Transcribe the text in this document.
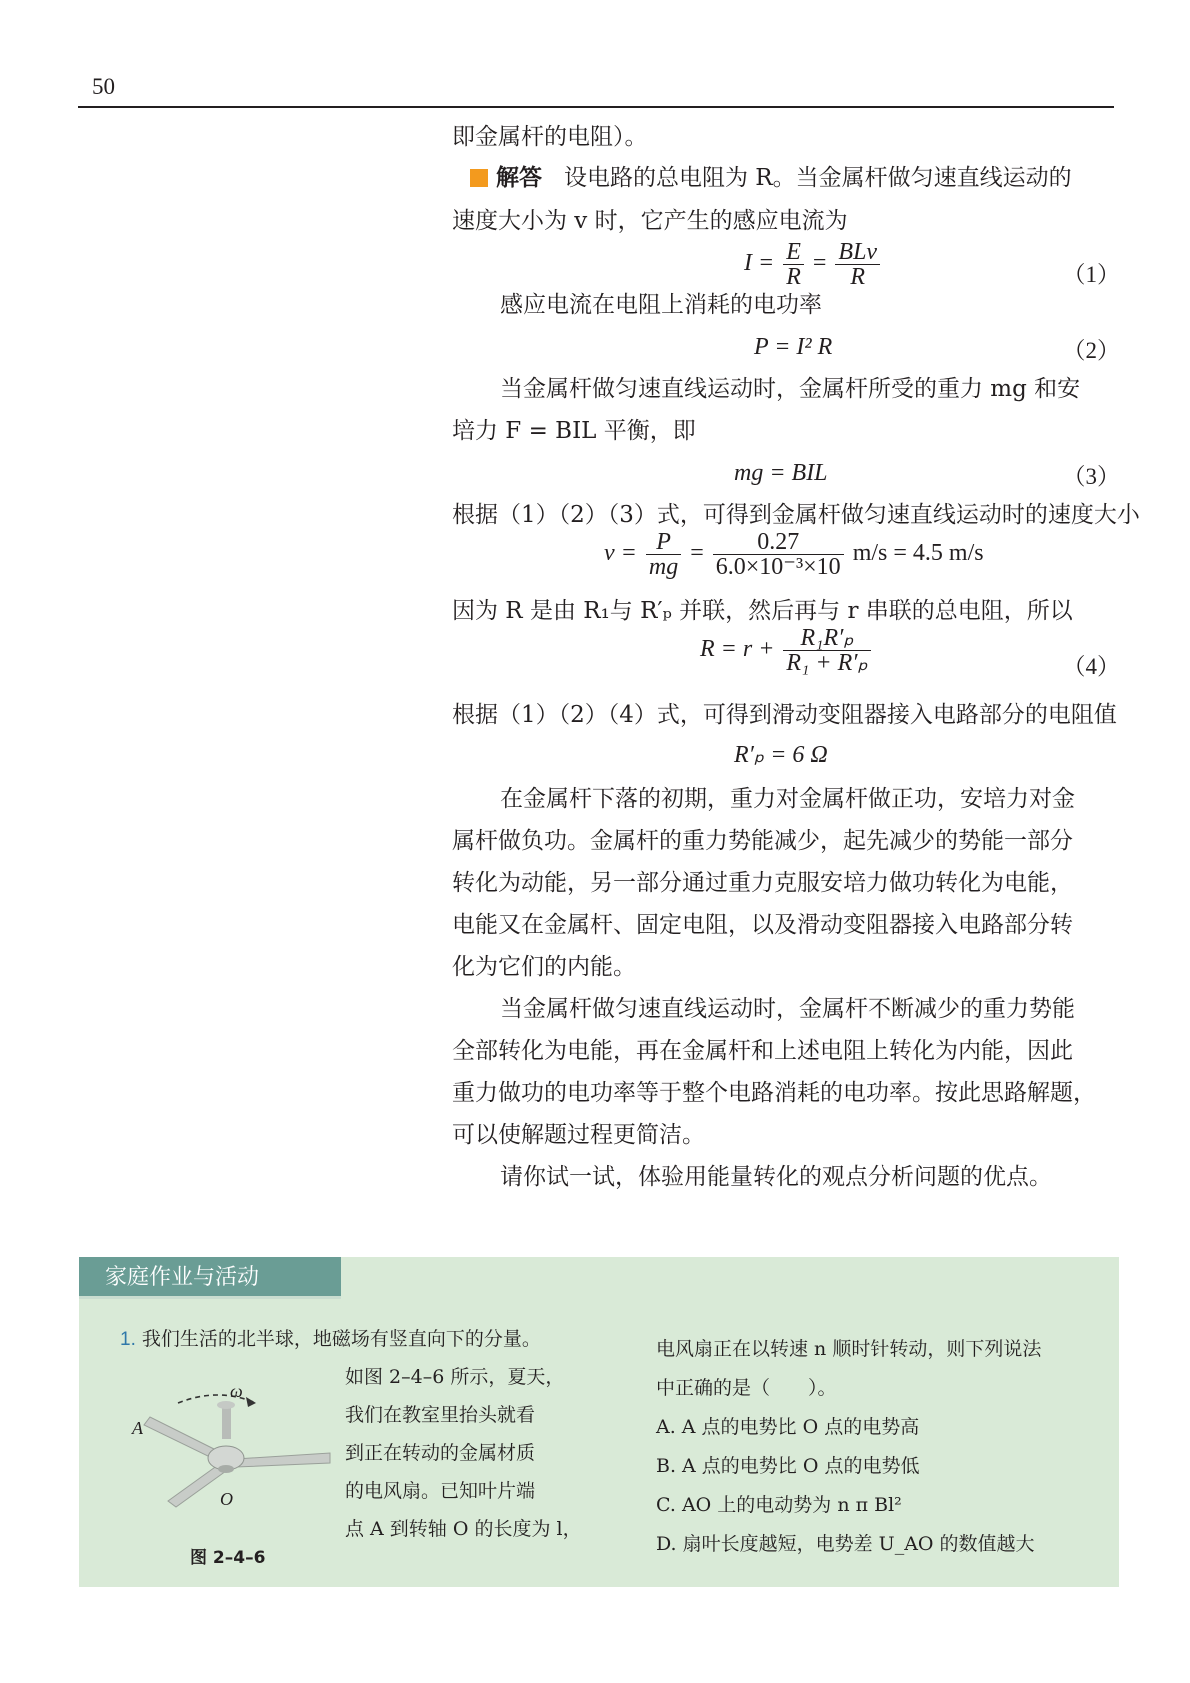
50
即金属杆的电阻）。
解答 设电路的总电阻为 R。当金属杆做匀速直线运动的
速度大小为 v 时，它产生的感应电流为
$I = \frac{E}{R} = \frac{\text{BLv}}{R}$	（1）
感应电流在电阻上消耗的电功率
P = I² R	（2）
当金属杆做匀速直线运动时，金属杆所受的重力 mg 和安
培力 F = BIL 平衡，即
mg = BIL	（3）
根据（1）（2）（3）式，可得到金属杆做匀速直线运动时的速度大小
$v = \frac{P}{mg} = \frac{0.27}{\text{6.0×10⁻³×10}} m/s = 4.5$ m/s
因为 R 是由 R₁与 R′ₚ 并联，然后再与 r 串联的总电阻，所以
$R = r + \frac{\text{R₁R′ₚ}}{\text{R₁ + R′ₚ}}$	（4）
根据（1）（2）（4）式，可得到滑动变阻器接入电路部分的电阻值
R′ₚ = 6 Ω
在金属杆下落的初期，重力对金属杆做正功，安培力对金
属杆做负功。金属杆的重力势能减少，起先减少的势能一部分
转化为动能，另一部分通过重力克服安培力做功转化为电能，
电能又在金属杆、固定电阻，以及滑动变阻器接入电路部分转
化为它们的内能。
当金属杆做匀速直线运动时，金属杆不断减少的重力势能
全部转化为电能，再在金属杆和上述电阻上转化为内能，因此
重力做功的电功率等于整个电路消耗的电功率。按此思路解题，
可以使解题过程更简洁。
请你试一试，体验用能量转化的观点分析问题的优点。
家庭作业与活动
1. 我们生活的北半球，地磁场有竖直向下的分量。
如图 2–4–6 所示，夏天，
我们在教室里抬头就看
到正在转动的金属材质
的电风扇。已知叶片端
点 A 到转轴 O 的长度为 l，
电风扇正在以转速 n 顺时针转动，则下列说法
中正确的是（　　）。
A. A 点的电势比 O 点的电势高
B. A 点的电势比 O 点的电势低
C. AO 上的电动势为 n π Bl²
D. 扇叶长度越短，电势差 U_AO 的数值越大
ω
A
O
图 2–4–6
